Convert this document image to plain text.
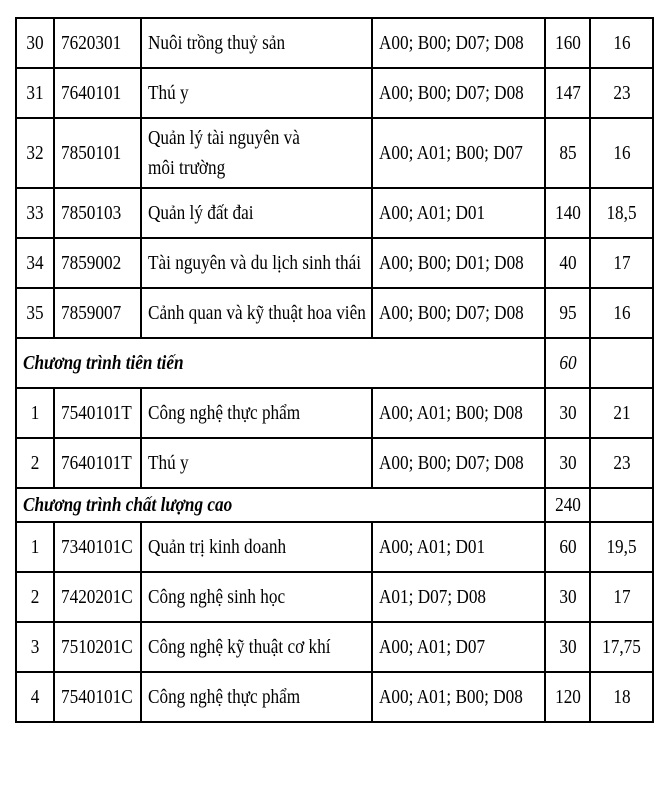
30	7620301	Nuôi trồng thuỷ sản	A00; B00; D07; D08	160	16
31	7640101	Thú y	A00; B00; D07; D08	147	23
32	7850101	Quản lý tài nguyên và môi trường	A00; A01; B00; D07	85	16
33	7850103	Quản lý đất đai	A00; A01; D01	140	18,5
34	7859002	Tài nguyên và du lịch sinh thái	A00; B00; D01; D08	40	17
35	7859007	Cảnh quan và kỹ thuật hoa viên	A00; B00; D07; D08	95	16
Chương trình tiên tiến				60	
1	7540101T	Công nghệ thực phẩm	A00; A01; B00; D08	30	21
2	7640101T	Thú y	A00; B00; D07; D08	30	23
Chương trình chất lượng cao				240	
1	7340101C	Quản trị kinh doanh	A00; A01; D01	60	19,5
2	7420201C	Công nghệ sinh học	A01; D07; D08	30	17
3	7510201C	Công nghệ kỹ thuật cơ khí	A00; A01; D07	30	17,75
4	7540101C	Công nghệ thực phẩm	A00; A01; B00; D08	120	18
